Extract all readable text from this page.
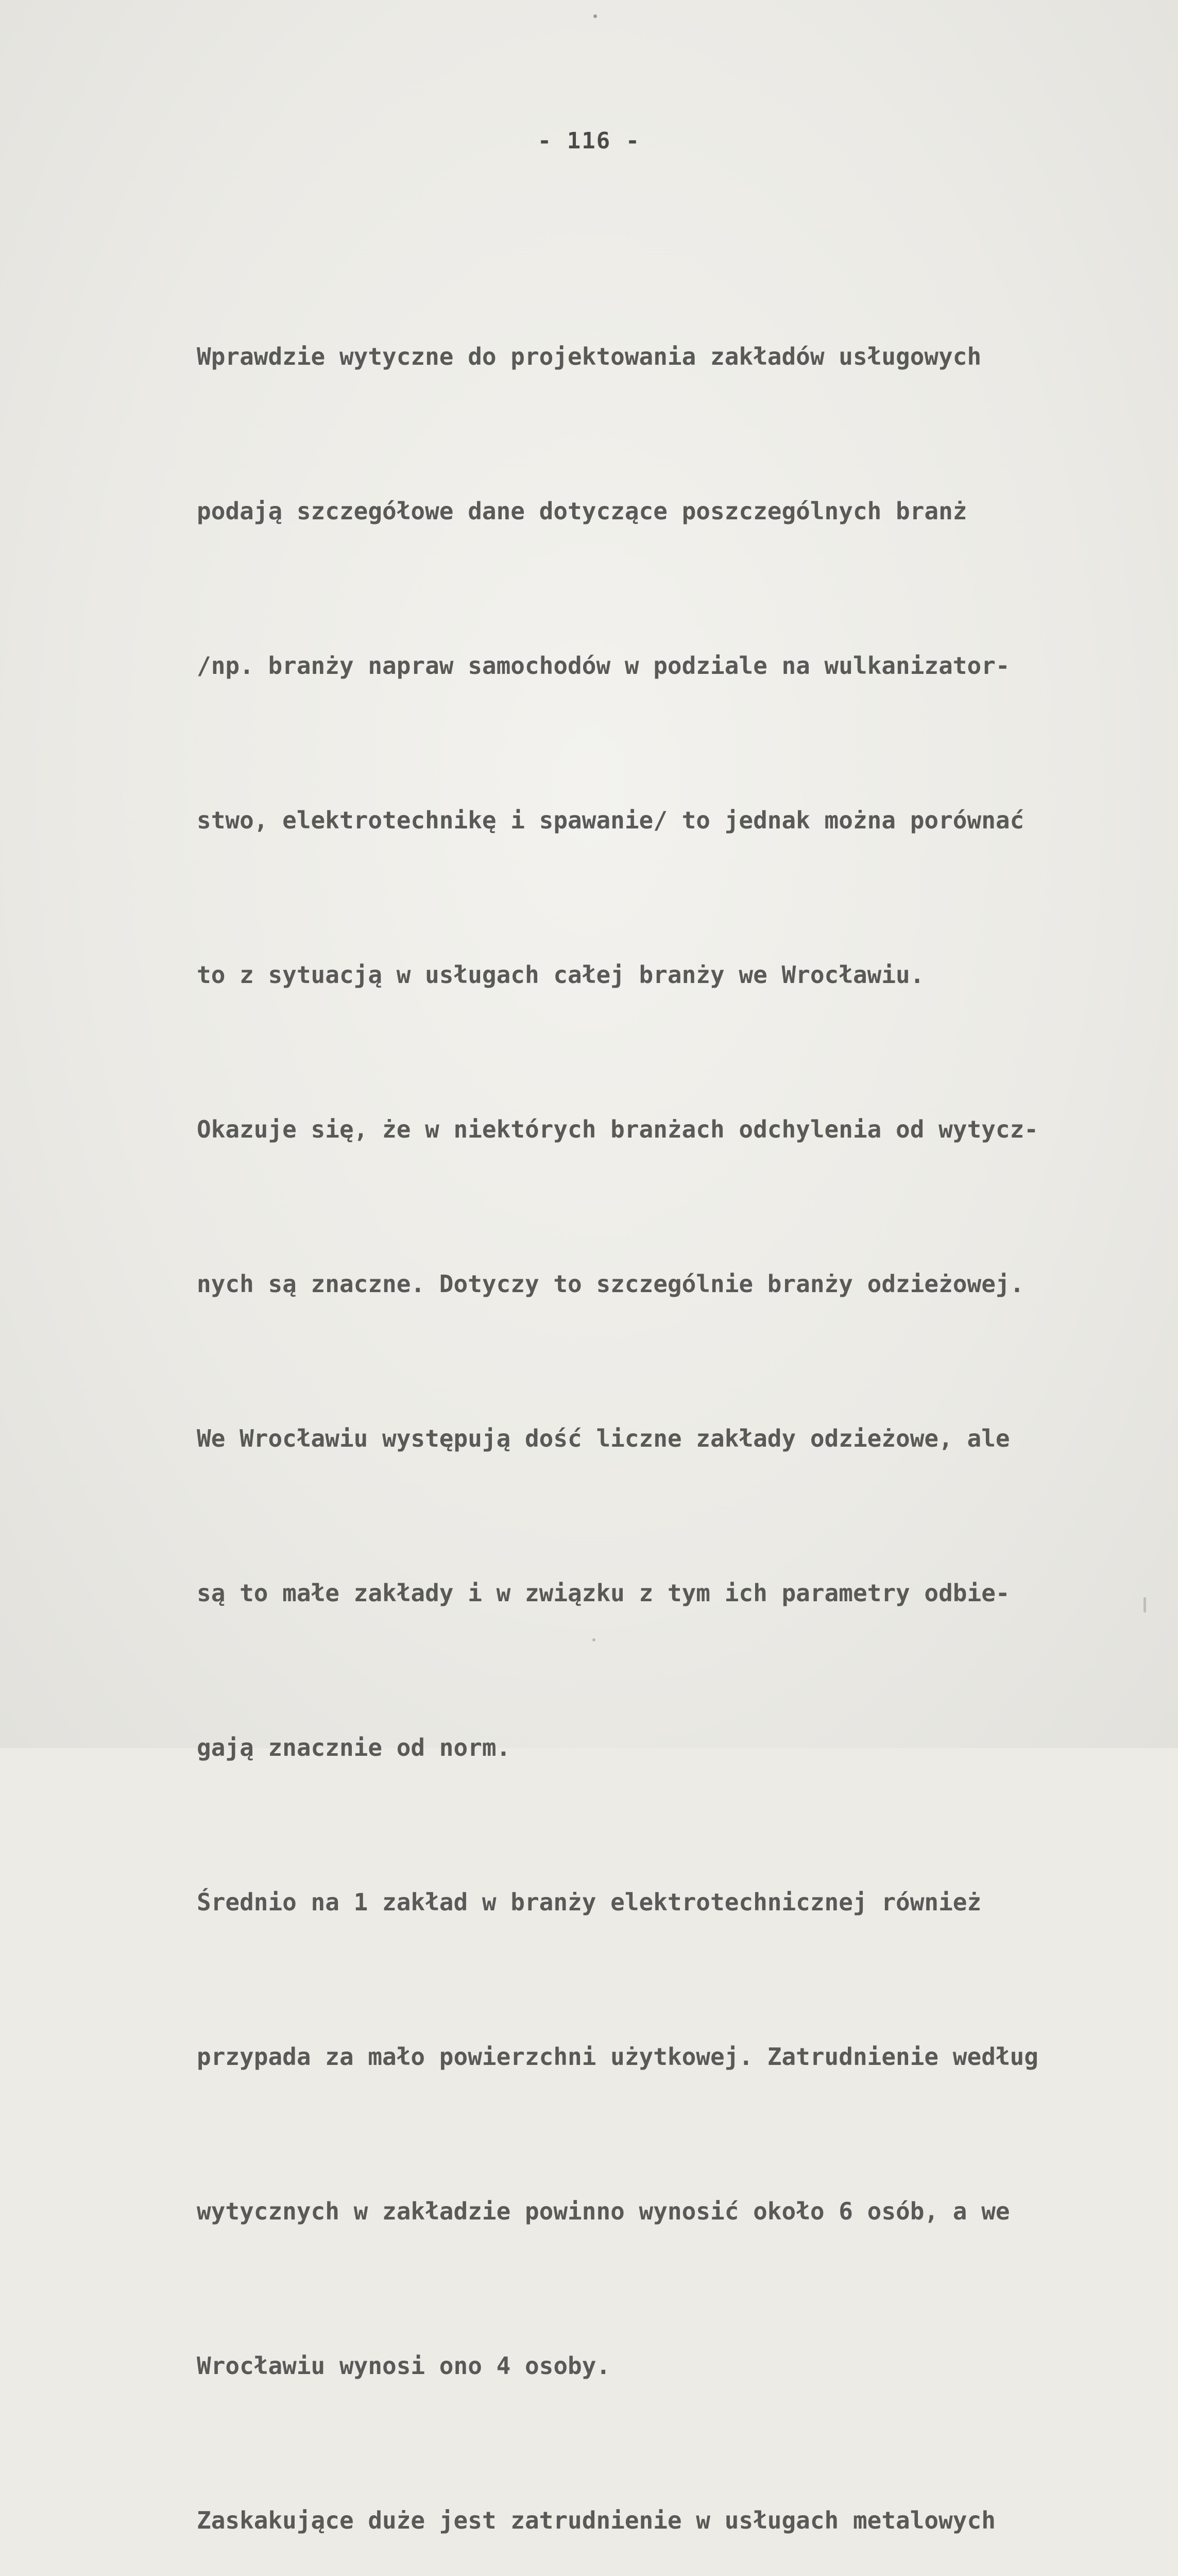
- 116 -

Wprawdzie wytyczne do projektowania zakładów usługowych

podają szczegółowe dane dotyczące poszczególnych branż

/np. branży napraw samochodów w podziale na wulkanizator-

stwo, elektrotechnikę i spawanie/ to jednak można porównać

to z sytuacją w usługach całej branży we Wrocławiu.

Okazuje się, że w niektórych branżach odchylenia od wytycz-

nych są znaczne. Dotyczy to szczególnie branży odzieżowej.

We Wrocławiu występują dość liczne zakłady odzieżowe, ale

są to małe zakłady i w związku z tym ich parametry odbie-

gają znacznie od norm.

Średnio na 1 zakład w branży elektrotechnicznej również

przypada za mało powierzchni użytkowej. Zatrudnienie według

wytycznych w zakładzie powinno wynosić około 6 osób, a we

Wrocławiu wynosi ono 4 osoby.

Zaskakujące duże jest zatrudnienie w usługach metalowych
